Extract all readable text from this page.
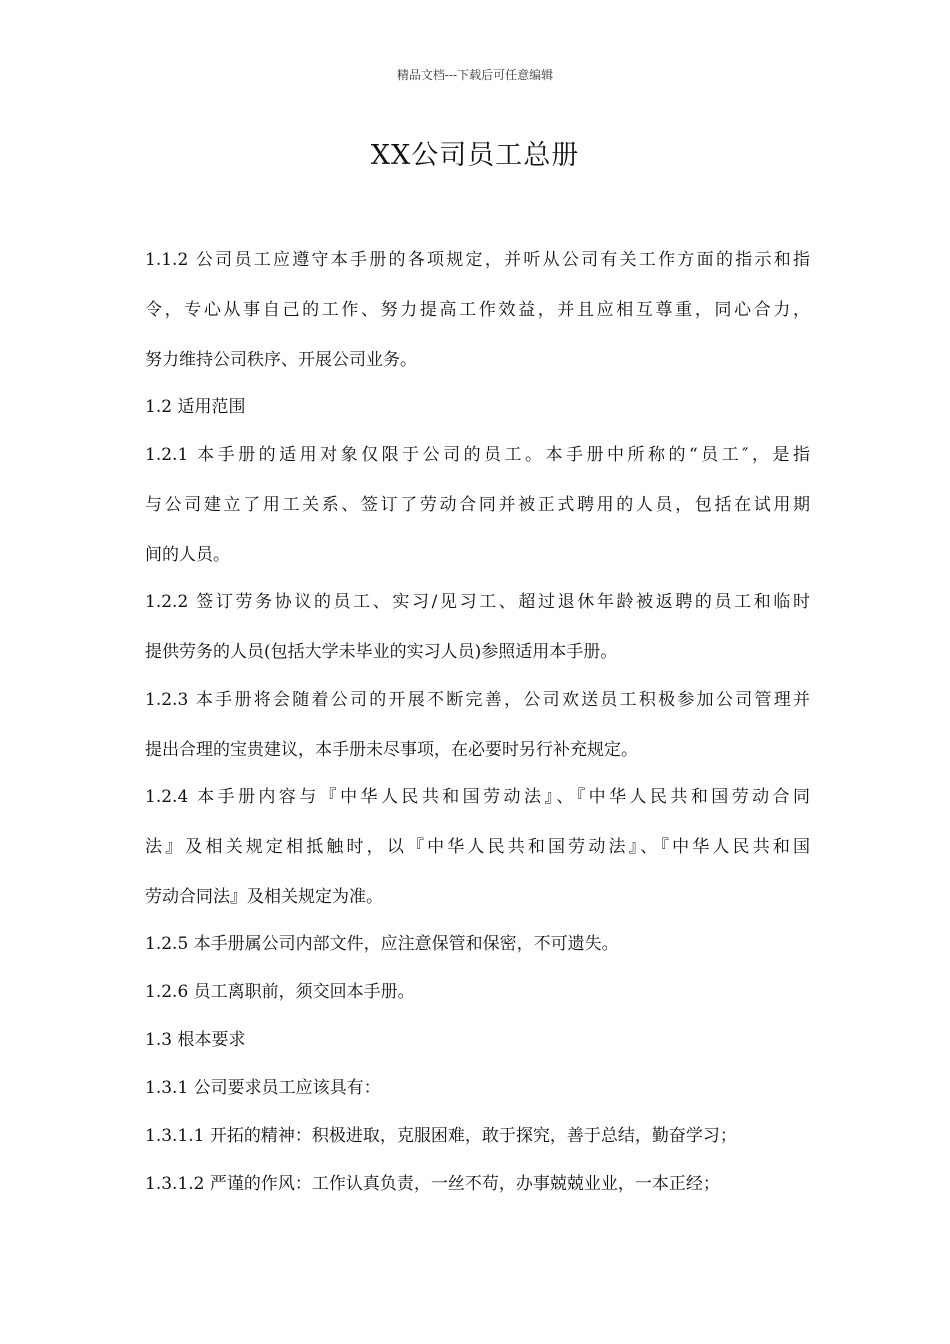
精品文档---下载后可任意编辑
XX公司员工总册
1.1.2 公司员工应遵守本手册的各项规定，并听从公司有关工作方面的指示和指
令，专心从事自己的工作、努力提高工作效益，并且应相互尊重，同心合力，
努力维持公司秩序、开展公司业务。
1.2 适用范围
1.2.1 本手册的适用对象仅限于公司的员工。本手册中所称的“员工″，是指
与公司建立了用工关系、签订了劳动合同并被正式聘用的人员，包括在试用期
间的人员。
1.2.2 签订劳务协议的员工、实习/见习工、超过退休年龄被返聘的员工和临时
提供劳务的人员(包括大学未毕业的实习人员)参照适用本手册。
1.2.3 本手册将会随着公司的开展不断完善，公司欢送员工积极参加公司管理并
提出合理的宝贵建议，本手册未尽事项，在必要时另行补充规定。
1.2.4 本手册内容与『中华人民共和国劳动法』、『中华人民共和国劳动合同
法』及相关规定相抵触时，以『中华人民共和国劳动法』、『中华人民共和国
劳动合同法』及相关规定为准。
1.2.5 本手册属公司内部文件，应注意保管和保密，不可遗失。
1.2.6 员工离职前，须交回本手册。
1.3 根本要求
1.3.1 公司要求员工应该具有：
1.3.1.1 开拓的精神：积极进取，克服困难，敢于探究，善于总结，勤奋学习；
1.3.1.2 严谨的作风：工作认真负责，一丝不苟，办事兢兢业业，一本正经；
